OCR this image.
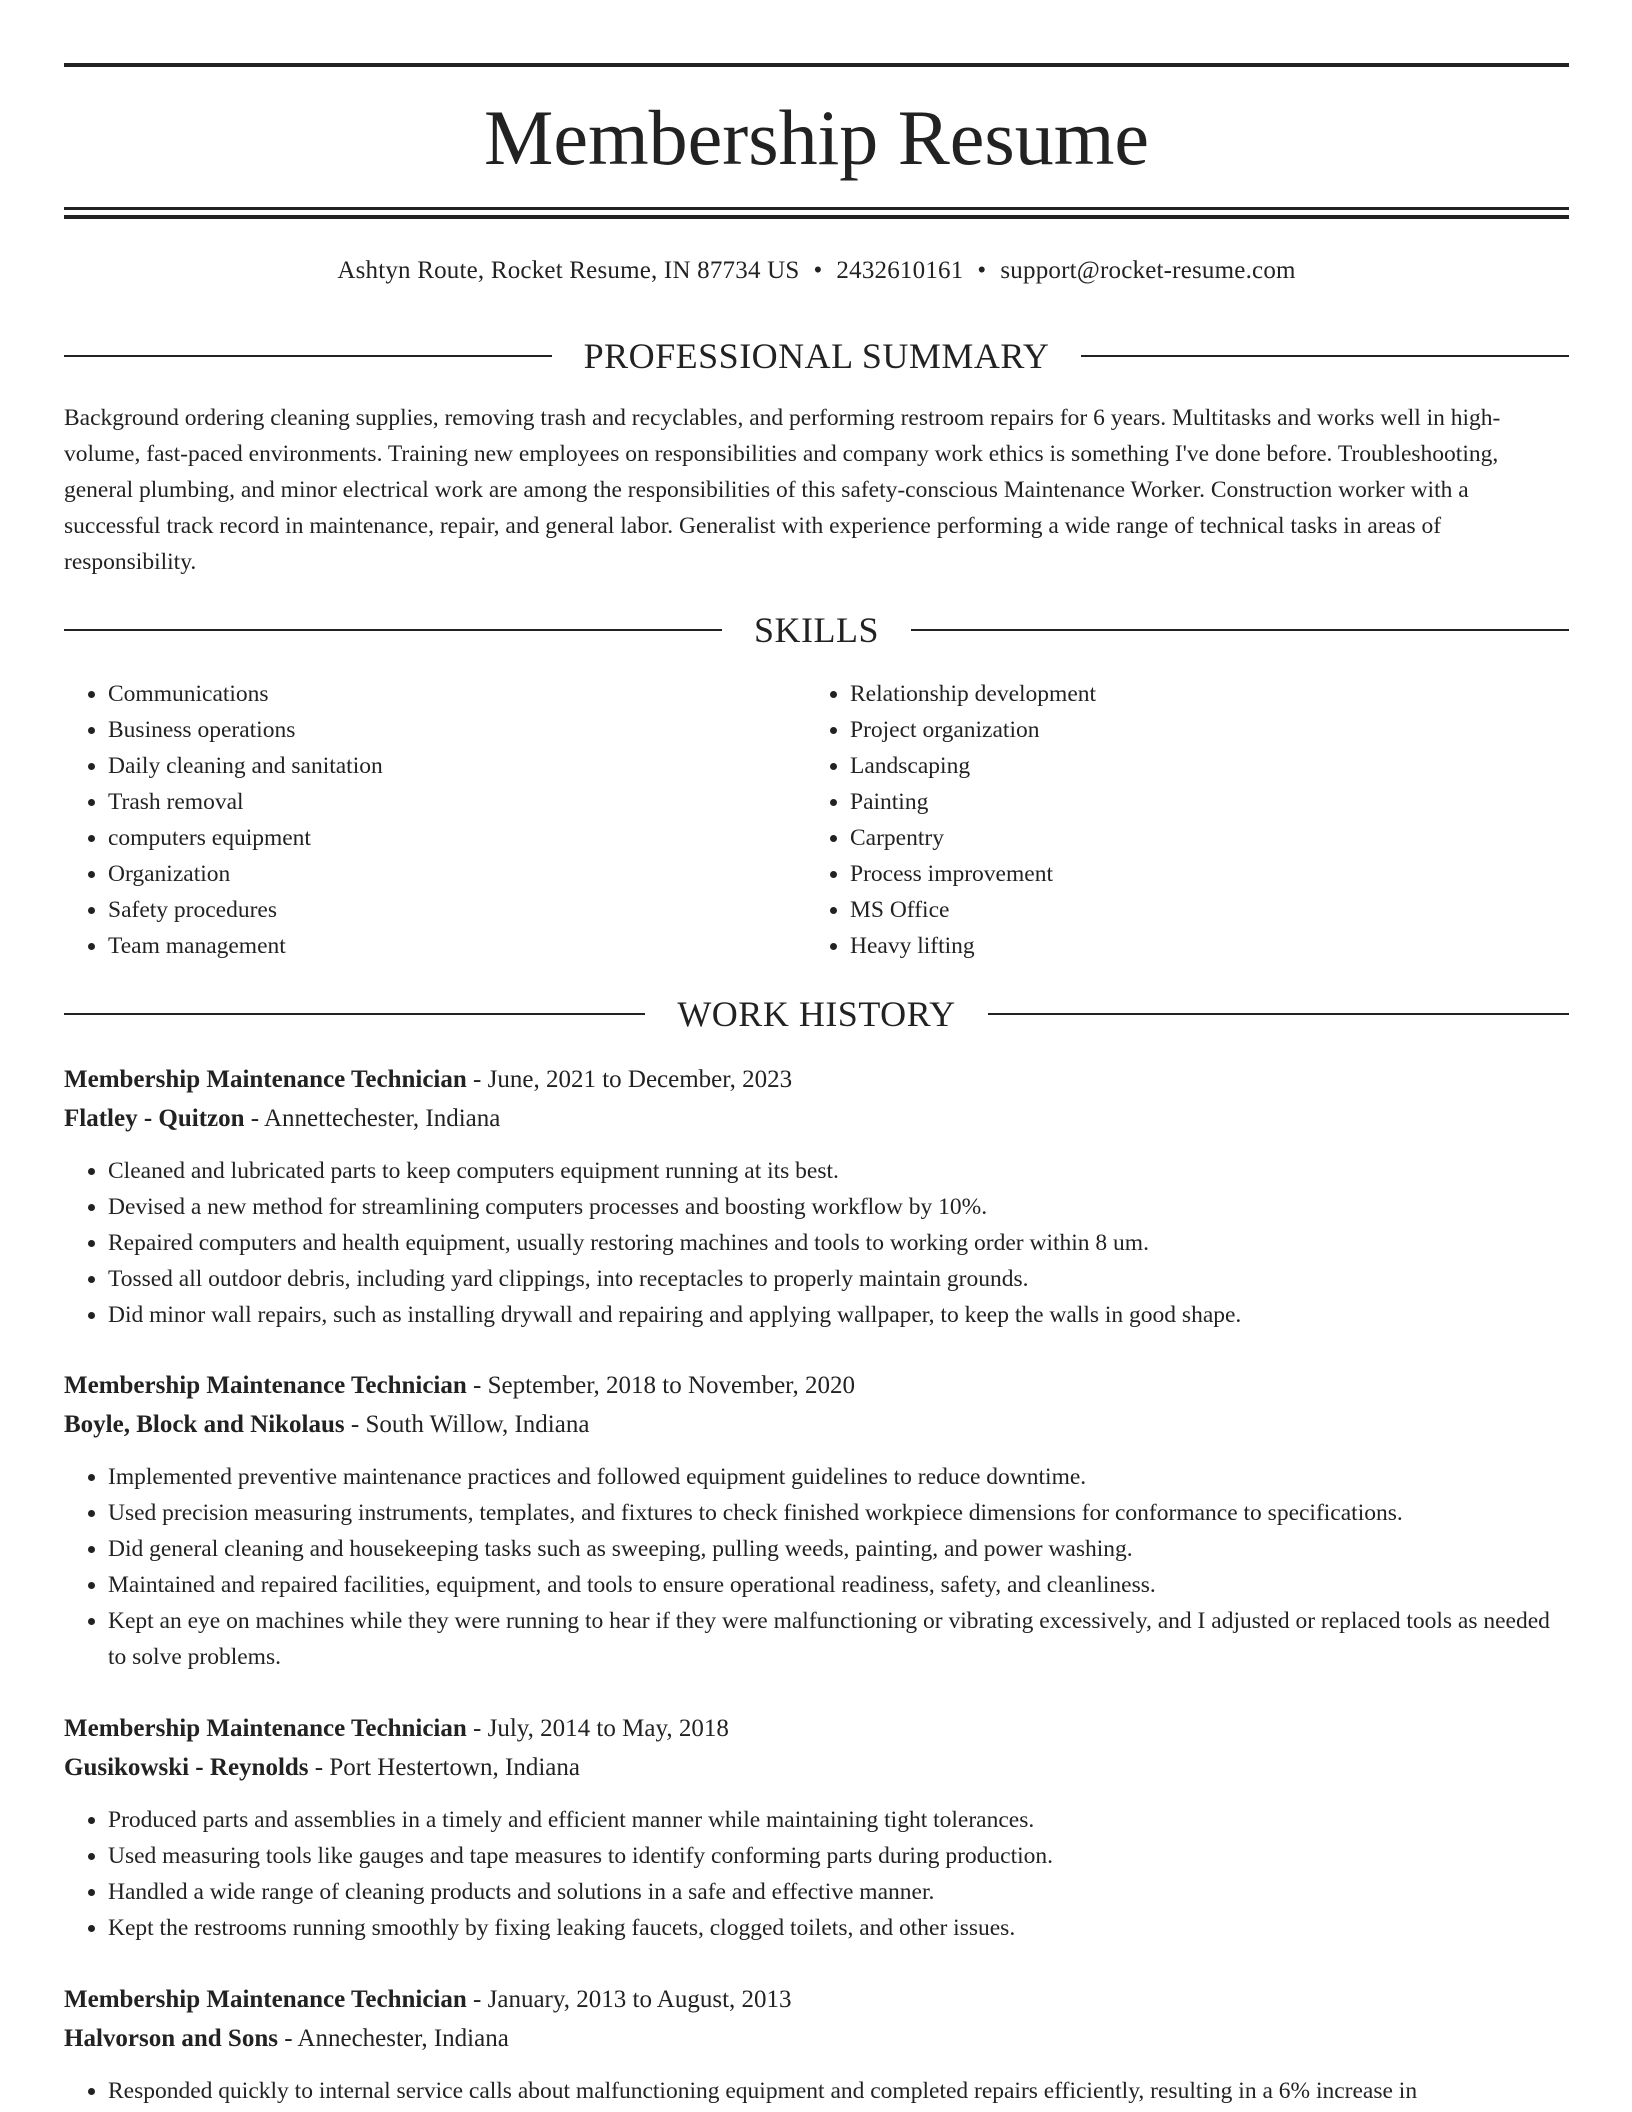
Membership Resume
Ashtyn Route, Rocket Resume, IN 87734 US • 2432610161 • support@rocket-resume.com
PROFESSIONAL SUMMARY

Background ordering cleaning supplies, removing trash and recyclables, and performing restroom repairs for 6 years. Multitasks and works well in high-volume, fast-paced environments. Training new employees on responsibilities and company work ethics is something I've done before. Troubleshooting, general plumbing, and minor electrical work are among the responsibilities of this safety-conscious Maintenance Worker. Construction worker with a successful track record in maintenance, repair, and general labor. Generalist with experience performing a wide range of technical tasks in areas of responsibility.

SKILLS
• Communications
• Business operations
• Daily cleaning and sanitation
• Trash removal
• computers equipment
• Organization
• Safety procedures
• Team management
• Relationship development
• Project organization
• Landscaping
• Painting
• Carpentry
• Process improvement
• MS Office
• Heavy lifting
WORK HISTORY

Membership Maintenance Technician - June, 2021 to December, 2023

Flatley - Quitzon - Annettechester, Indiana

• Cleaned and lubricated parts to keep computers equipment running at its best.
• Devised a new method for streamlining computers processes and boosting workflow by 10%.
• Repaired computers and health equipment, usually restoring machines and tools to working order within 8 um.
• Tossed all outdoor debris, including yard clippings, into receptacles to properly maintain grounds.
• Did minor wall repairs, such as installing drywall and repairing and applying wallpaper, to keep the walls in good shape.

Membership Maintenance Technician - September, 2018 to November, 2020

Boyle, Block and Nikolaus - South Willow, Indiana

• Implemented preventive maintenance practices and followed equipment guidelines to reduce downtime.
• Used precision measuring instruments, templates, and fixtures to check finished workpiece dimensions for conformance to specifications.
• Did general cleaning and housekeeping tasks such as sweeping, pulling weeds, painting, and power washing.
• Maintained and repaired facilities, equipment, and tools to ensure operational readiness, safety, and cleanliness.
• Kept an eye on machines while they were running to hear if they were malfunctioning or vibrating excessively, and I adjusted or replaced tools as needed to solve problems.

Membership Maintenance Technician - July, 2014 to May, 2018

Gusikowski - Reynolds - Port Hestertown, Indiana

• Produced parts and assemblies in a timely and efficient manner while maintaining tight tolerances.
• Used measuring tools like gauges and tape measures to identify conforming parts during production.
• Handled a wide range of cleaning products and solutions in a safe and effective manner.
• Kept the restrooms running smoothly by fixing leaking faucets, clogged toilets, and other issues.

Membership Maintenance Technician - January, 2013 to August, 2013

Halvorson and Sons - Annechester, Indiana

• Responded quickly to internal service calls about malfunctioning equipment and completed repairs efficiently, resulting in a 6% increase in
